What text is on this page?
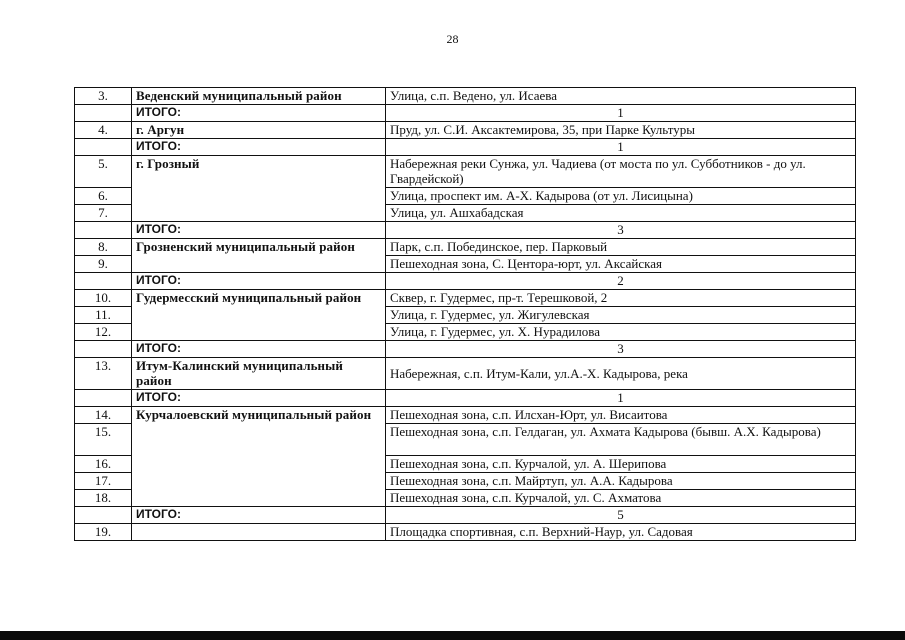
28
3.	Веденский муниципальный район	Улица, с.п. Ведено, ул. Исаева
	ИТОГО:	1
4.	г. Аргун	Пруд, ул. С.И. Аксактемирова, 35, при Парке Культуры
	ИТОГО:	1
5.	г. Грозный	Набережная реки Сунжа, ул. Чадиева (от моста по ул. Субботников - до ул. Гвардейской)
6.		Улица, проспект им. А-Х. Кадырова (от ул. Лисицына)
7.		Улица, ул. Ашхабадская
	ИТОГО:	3
8.	Грозненский муниципальный район	Парк, с.п. Побединское, пер. Парковый
9.		Пешеходная зона, С. Центора-юрт, ул. Аксайская
	ИТОГО:	2
10.	Гудермесский муниципальный район	Сквер, г. Гудермес, пр-т. Терешковой, 2
11.		Улица, г. Гудермес, ул. Жигулевская
12.		Улица, г. Гудермес, ул. Х. Нурадилова
	ИТОГО:	3
13.	Итум-Калинский муниципальный район	Набережная, с.п. Итум-Кали, ул.А.-Х. Кадырова, река
	ИТОГО:	1
14.	Курчалоевский муниципальный район	Пешеходная зона, с.п. Илсхан-Юрт, ул. Висаитова
15.		Пешеходная зона, с.п. Гелдаган, ул. Ахмата Кадырова (бывш. А.Х. Кадырова)
16.		Пешеходная зона, с.п. Курчалой, ул. А. Шерипова
17.		Пешеходная зона, с.п. Майртуп, ул. А.А. Кадырова
18.		Пешеходная зона, с.п. Курчалой, ул. С. Ахматова
	ИТОГО:	5
19.		Площадка спортивная, с.п. Верхний-Наур, ул. Садовая
